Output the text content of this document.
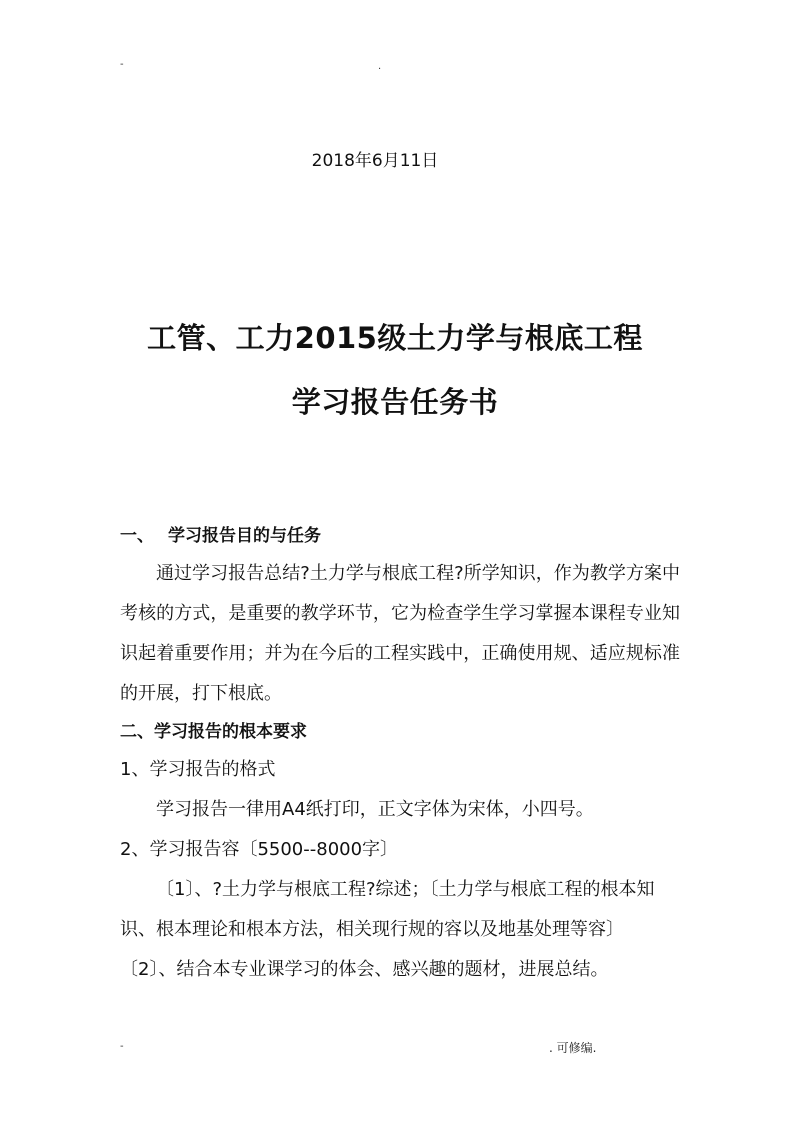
-	.
2018年6月11日
工管、工力2015级土力学与根底工程
学习报告任务书

一、 学习报告目的与任务

通过学习报告总结?土力学与根底工程?所学知识，作为教学方案中考核的方式，是重要的教学环节，它为检查学生学习掌握本课程专业知识起着重要作用；并为在今后的工程实践中，正确使用规、适应规标准的开展，打下根底。

二、学习报告的根本要求

1、学习报告的格式

学习报告一律用A4纸打印，正文字体为宋体，小四号。

2、学习报告容〔5500--8000字〕

〔1〕、?土力学与根底工程?综述；〔土力学与根底工程的根本知识、根本理论和根本方法，相关现行规的容以及地基处理等容〕

〔2〕、结合本专业课学习的体会、感兴趣的题材，进展总结。

-	. 可修编.
